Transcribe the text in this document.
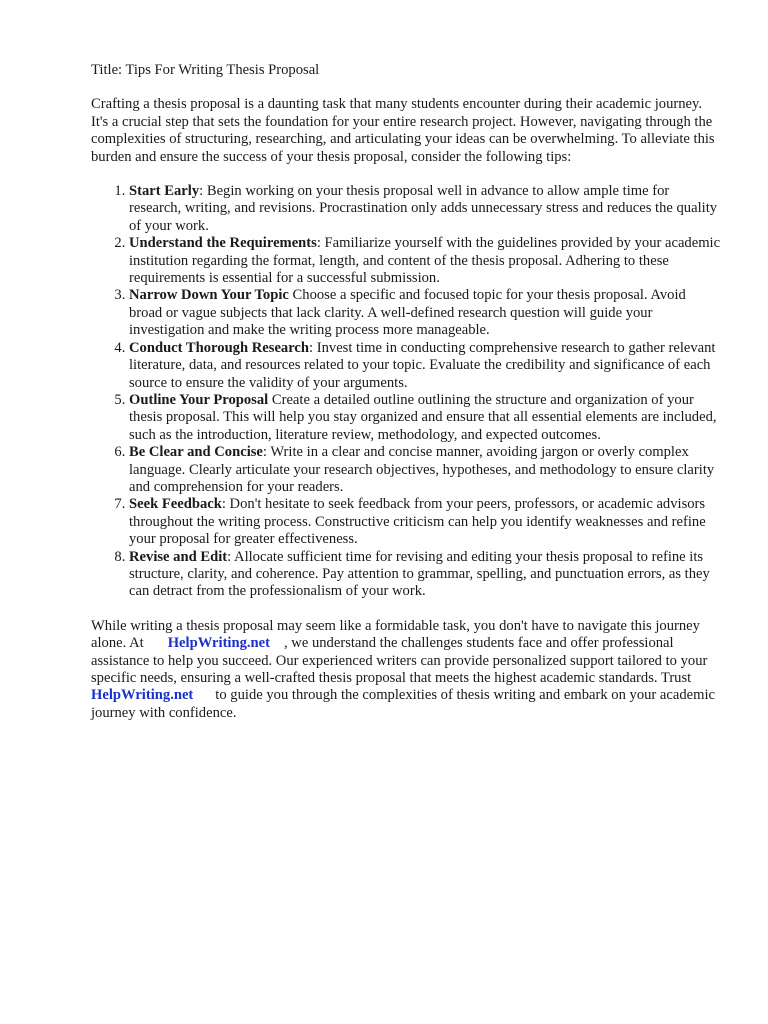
Title: Tips For Writing Thesis Proposal

Crafting a thesis proposal is a daunting task that many students encounter during their academic journey. It's a crucial step that sets the foundation for your entire research project. However, navigating through the complexities of structuring, researching, and articulating your ideas can be overwhelming. To alleviate this burden and ensure the success of your thesis proposal, consider the following tips:

1. Start Early: Begin working on your thesis proposal well in advance to allow ample time for research, writing, and revisions. Procrastination only adds unnecessary stress and reduces the quality of your work.
2. Understand the Requirements: Familiarize yourself with the guidelines provided by your academic institution regarding the format, length, and content of the thesis proposal. Adhering to these requirements is essential for a successful submission.
3. Narrow Down Your Topic Choose a specific and focused topic for your thesis proposal. Avoid broad or vague subjects that lack clarity. A well-defined research question will guide your investigation and make the writing process more manageable.
4. Conduct Thorough Research: Invest time in conducting comprehensive research to gather relevant literature, data, and resources related to your topic. Evaluate the credibility and significance of each source to ensure the validity of your arguments.
5. Outline Your Proposal Create a detailed outline outlining the structure and organization of your thesis proposal. This will help you stay organized and ensure that all essential elements are included, such as the introduction, literature review, methodology, and expected outcomes.
6. Be Clear and Concise: Write in a clear and concise manner, avoiding jargon or overly complex language. Clearly articulate your research objectives, hypotheses, and methodology to ensure clarity and comprehension for your readers.
7. Seek Feedback: Don't hesitate to seek feedback from your peers, professors, or academic advisors throughout the writing process. Constructive criticism can help you identify weaknesses and refine your proposal for greater effectiveness.
8. Revise and Edit: Allocate sufficient time for revising and editing your thesis proposal to refine its structure, clarity, and coherence. Pay attention to grammar, spelling, and punctuation errors, as they can detract from the professionalism of your work.

While writing a thesis proposal may seem like a formidable task, you don't have to navigate this journey alone. At HelpWriting.net , we understand the challenges students face and offer professional assistance to help you succeed. Our experienced writers can provide personalized support tailored to your specific needs, ensuring a well-crafted thesis proposal that meets the highest academic standards. TrustHelpWriting.net to guide you through the complexities of thesis writing and embark on your academic journey with confidence.
